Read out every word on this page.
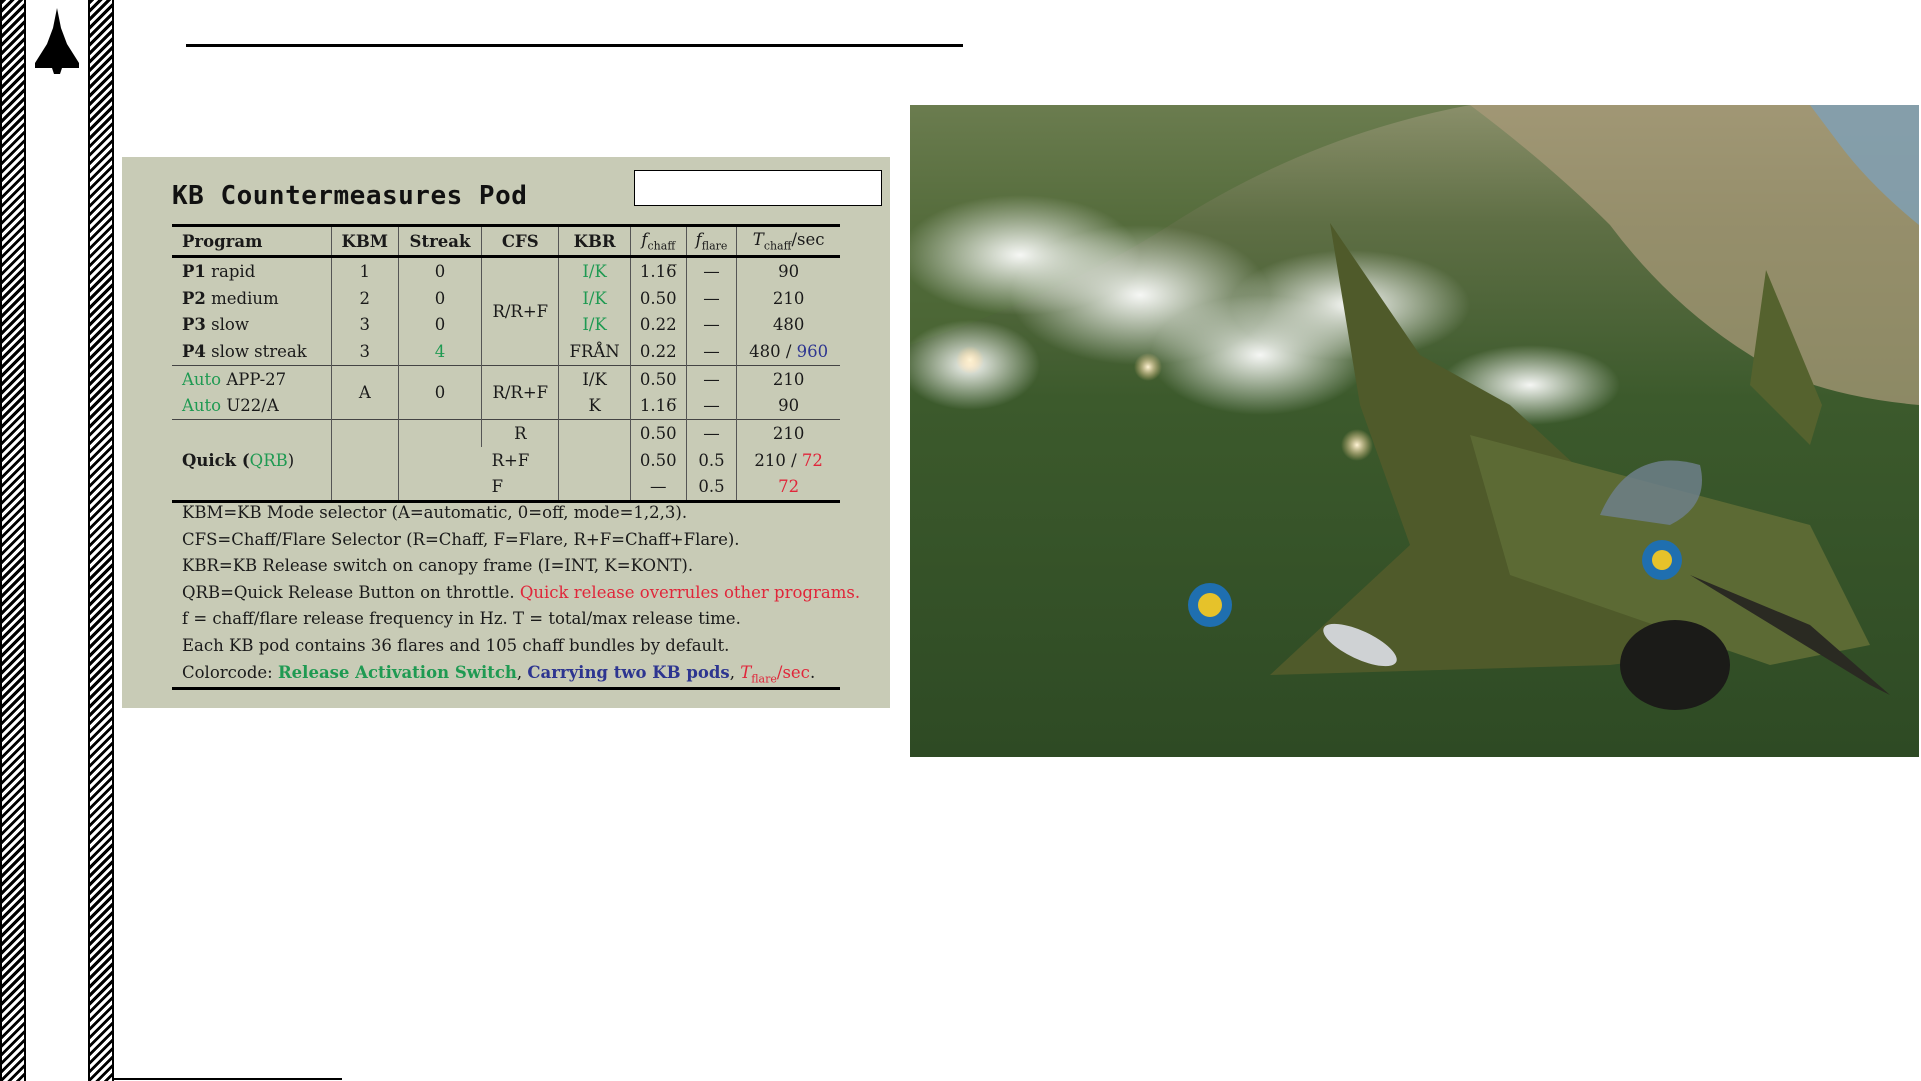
KB Countermeasures Pod
Program	KBM	Streak	CFS	KBR	$f_{chaff}$	$f_{flare}$	$T_{chaff}/\sec$
P1 rapid	1	0	R/R+F	I/K	1.16̅	—	90
P2 medium	2	0		I/K	0.50	—	210
P3 slow	3	0		I/K	0.22	—	480
P4 slow streak	3	4		FRÅN	0.22	—	480 / 960
Auto APP-27	A	0	R/R+F	I/K	0.50	—	210
Auto U22/A				K	1.16̅	—	90
Quick (QRB)			R		0.50	—	210
			R+F		0.50	0.5	210 / 72
			F		—	0.5	72
KBM=KB Mode selector (A=automatic, 0=off, mode=1,2,3).
CFS=Chaff/Flare Selector (R=Chaff, F=Flare, R+F=Chaff+Flare).
KBR=KB Release switch on canopy frame (I=INT, K=KONT).
QRB=Quick Release Button on throttle. Quick release overrules other programs.
f = chaff/flare release frequency in Hz. T = total/max release time.
Each KB pod contains 36 flares and 105 chaff bundles by default.
Colorcode: Release Activation Switch, Carrying two KB pods, $T_{flare}/\sec$.
